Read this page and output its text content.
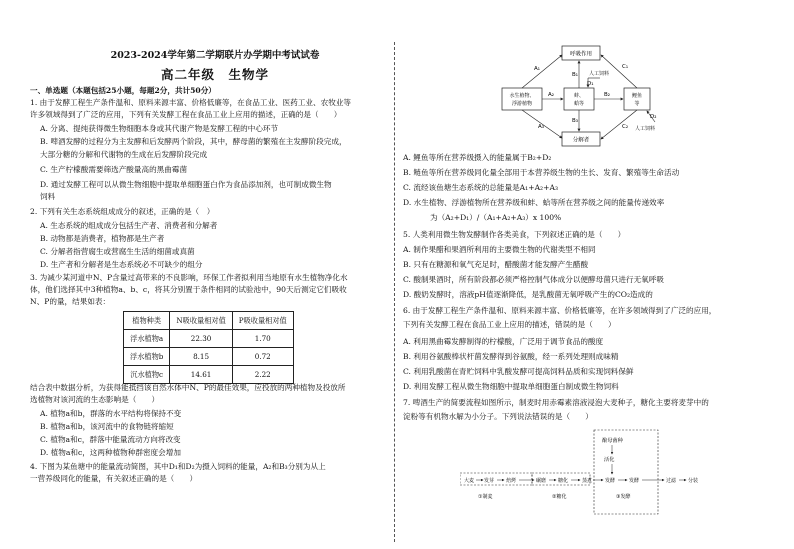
2023-2024学年第二学期联片办学期中考试试卷
高二年级　生物学
一、单选题（本题包括25小题，每题2分，共计50分）
1. 由于发酵工程生产条件温和、原料来源丰富、价格低廉等，在食品工业、医药工业、农牧业等
许多领域得到了广泛的应用，下列有关发酵工程在食品工业上应用的描述，正确的是（　　）
A. 分离、提纯获得微生物细胞本身或其代谢产物是发酵工程的中心环节
B. 啤酒发酵的过程分为主发酵和后发酵两个阶段，其中，酵母菌的繁殖在主发酵阶段完成，
大部分糖的分解和代谢物的生成在后发酵阶段完成
C. 生产柠檬酸需要筛选产酸量高的黑曲霉菌
D. 通过发酵工程可以从微生物细胞中提取单细胞蛋白作为食品添加剂，也可制成微生物
饲料
2. 下列有关生态系统组成成分的叙述，正确的是（　）
A. 生态系统的组成成分包括生产者、消费者和分解者
B. 动物都是消费者，植物都是生产者
C. 分解者指营腐生或营腐生生活的细菌或真菌
D. 生产者和分解者是生态系统必不可缺少的组分
3. 为减少某河道中N、P含量过高带来的不良影响，环保工作者拟利用当地原有水生植物净化水
体，他们选择其中3种植物a、b、c，将其分别置于条件相同的试验池中，90天后测定它们吸收
N、P的量，结果如表：
植物种类	N吸收量相对值	P吸收量相对值
浮水植物a	22.30	1.70
浮水植物b	8.15	0.72
沉水植物c	14.61	2.22
结合表中数据分析，为获得能抵挡该自然水体中N、P的最佳效果，应投放的两种植物及投放所
选植物对该河流的生态影响是（　　）
A. 植物a和b，群落的水平结构将保持不变
B. 植物a和b，该河流中的食物链将缩短
C. 植物a和c，群落中能量流动方向将改变
D. 植物a和c，这两种植物种群密度会增加
4. 下图为某鱼塘中的能量流动简图，其中D₁和D₂为摄入饲料的能量，A₂和B₃分别为从上
一营养级同化的能量，有关叙述正确的是（　　）
呼吸作用
水生植物、
浮游植物
蚌、
蛤等
鲤鱼
等
分解者
A₁
A₂
A₃
B₁
B₂
B₃
C₁
C₂
D₁
D₂
人工饲料
人工饲料
A. 鲤鱼等所在营养级摄入的能量属于B₂+D₂
B. 鲢鱼等所在营养级同化量全部用于本营养级生物的生长、发育、繁殖等生命活动
C. 流经该鱼塘生态系统的总能量是A₁+A₂+A₃
D. 水生植物、浮游植物所在营养级和蚌、蛤等所在营养级之间的能量传递效率
为（A₂+D₁）/（A₁+A₂+A₃）x 100%
5. 人类利用微生物发酵制作各类美食，下列叙述正确的是（　　）
A. 制作果醋和果酒所利用的主要微生物的代谢类型不相同
B. 只有在糖源和氧气充足时，醋酸菌才能发酵产生醋酸
C. 酸制果酒时，所有阶段都必须严格控制气体成分以便酵母菌只进行无氧呼吸
D. 酸奶发酵时，溶液pH值逐渐降低，是乳酸菌无氧呼吸产生的CO₂造成的
6. 由于发酵工程生产条件温和、原料来源丰富、价格低廉等，在许多领域得到了广泛的应用，
下列有关发酵工程在食品工业上应用的描述，错误的是（　　）
A. 利用黑曲霉发酵制得的柠檬酸，广泛用于调节食品的酸度
B. 利用谷氨酸棒状杆菌发酵得到谷氨酸，经一系列处理则成味精
C. 利用乳酸菌在青贮饲料中乳酸发酵可提高饲料品质和实现饲料保鲜
D. 利用发酵工程从微生物细胞中提取单细胞蛋白制成微生物饲料
7. 啤酒生产的简要流程如图所示，制麦时用赤霉素溶液浸泡大麦种子，糖化主要将麦芽中的
淀粉等有机物水解为小分子。下列说法错误的是（　　）
酿母菌种
活化
大麦 发芽 焙烤	碾磨 糖化	蒸煮	发酵	发酵	过滤 分装
①制麦	②糖化	③发酵
